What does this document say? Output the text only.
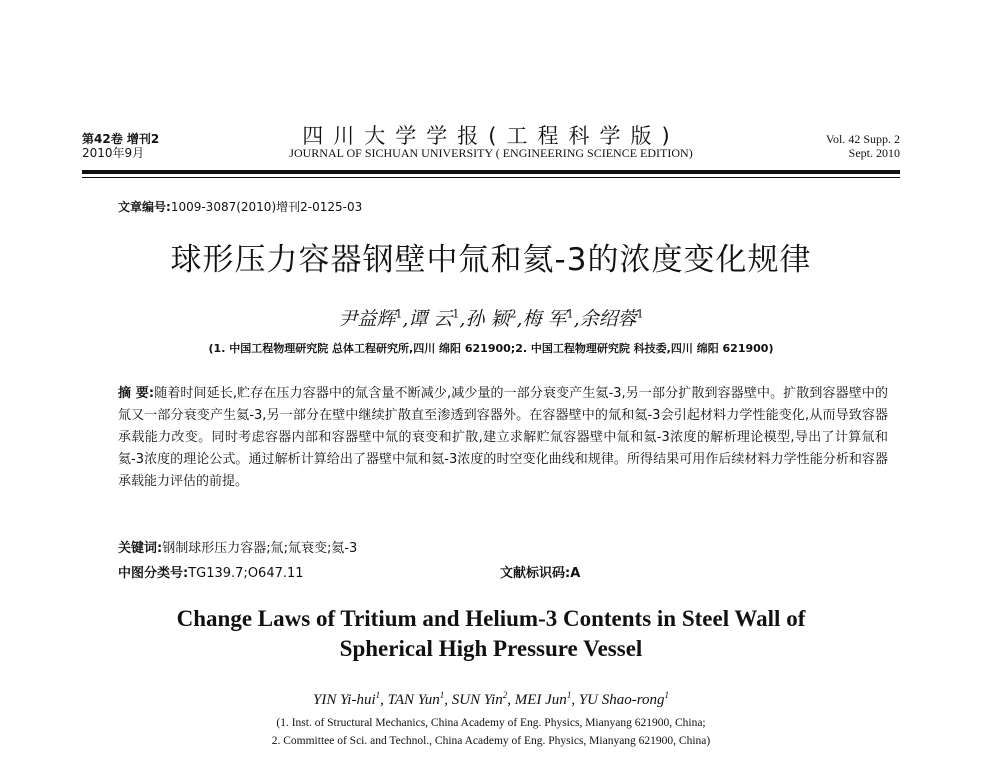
第42卷 增刊2	四川大学学报(工程科学版)	Vol. 42 Supp. 2
2010年9月	JOURNAL OF SICHUAN UNIVERSITY ( ENGINEERING SCIENCE EDITION)	Sept. 2010
文章编号:1009-3087(2010)增刊2-0125-03
球形压力容器钢壁中氚和氦-3的浓度变化规律
尹益辉$^1$,谭 云$^1$,孙 颖$^2$,梅 军$^1$,余绍蓉$^1$
(1. 中国工程物理研究院 总体工程研究所,四川 绵阳 621900;2. 中国工程物理研究院 科技委,四川 绵阳 621900)
摘 要:随着时间延长,贮存在压力容器中的氚含量不断减少,减少量的一部分衰变产生氦-3,另一部分扩散到容器壁中。扩散到容器壁中的氚又一部分衰变产生氦-3,另一部分在壁中继续扩散直至渗透到容器外。在容器壁中的氚和氦-3会引起材料力学性能变化,从而导致容器承载能力改变。同时考虑容器内部和容器壁中氚的衰变和扩散,建立求解贮氚容器壁中氚和氦-3浓度的解析理论模型,导出了计算氚和氦-3浓度的理论公式。通过解析计算给出了器壁中氚和氦-3浓度的时空变化曲线和规律。所得结果可用作后续材料力学性能分析和容器承载能力评估的前提。
关键词:钢制球形压力容器;氚;氚衰变;氦-3
中图分类号:TG139.7;O647.11	文献标识码:A
Change Laws of Tritium and Helium-3 Contents in Steel Wall of
Spherical High Pressure Vessel
YIN Yi-hui$^1$, TAN Yun$^1$, SUN Yin$^2$, MEI Jun$^1$, YU Shao-rong$^1$
(1. Inst. of Structural Mechanics, China Academy of Eng. Physics, Mianyang 621900, China;
2. Committee of Sci. and Technol., China Academy of Eng. Physics, Mianyang 621900, China)
